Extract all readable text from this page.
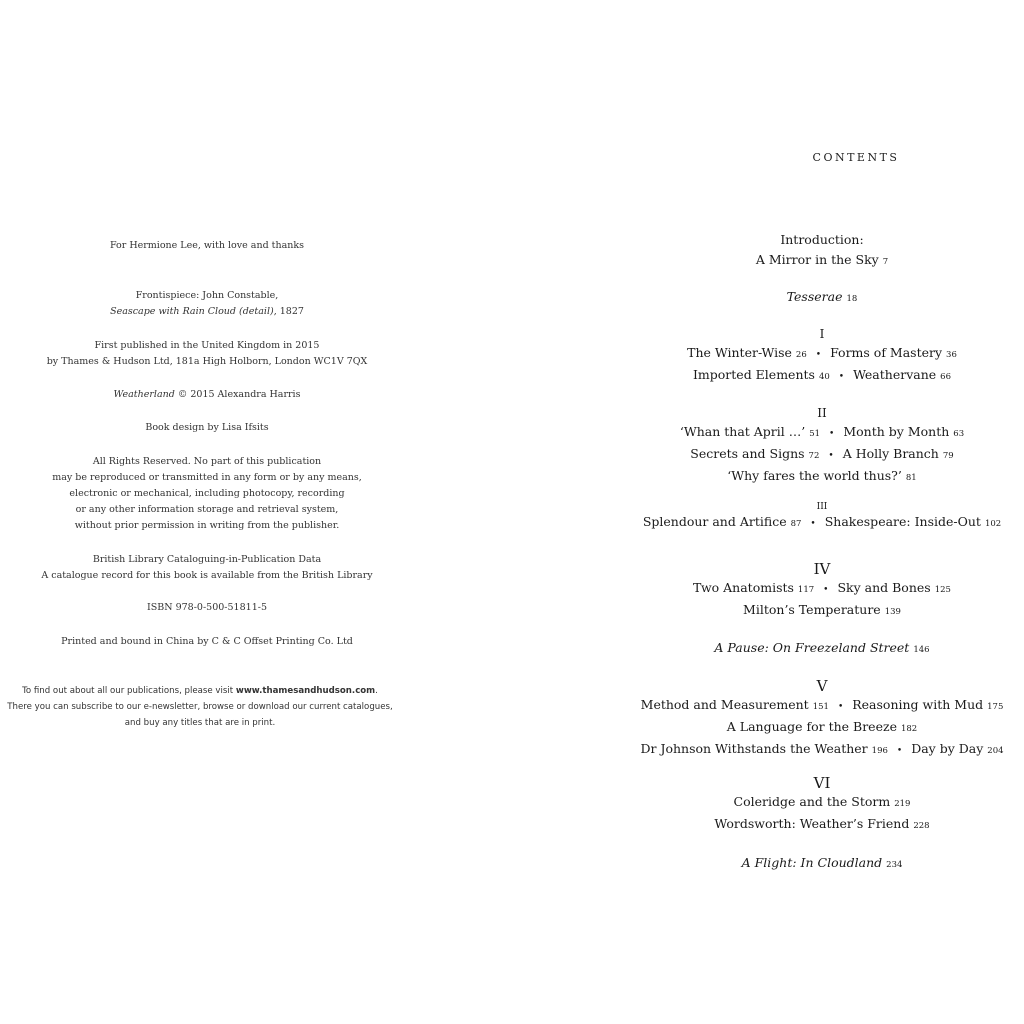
For Hermione Lee, with love and thanks
Frontispiece: John Constable,
Seascape with Rain Cloud (detail), 1827
First published in the United Kingdom in 2015
by Thames & Hudson Ltd, 181a High Holborn, London WC1V 7QX
Weatherland © 2015 Alexandra Harris
Book design by Lisa Ifsits
All Rights Reserved. No part of this publication
may be reproduced or transmitted in any form or by any means,
electronic or mechanical, including photocopy, recording
or any other information storage and retrieval system,
without prior permission in writing from the publisher.
British Library Cataloguing-in-Publication Data
A catalogue record for this book is available from the British Library
ISBN 978-0-500-51811-5
Printed and bound in China by C & C Offset Printing Co. Ltd
To find out about all our publications, please visit www.thamesandhudson.com.
There you can subscribe to our e-newsletter, browse or download our current catalogues,
and buy any titles that are in print.
CONTENTS
Introduction:
A Mirror in the Sky 7
Tesserae 18
I
The Winter-Wise 26 • Forms of Mastery 36
Imported Elements 40 • Weathervane 66
II
‘Whan that April …’ 51 • Month by Month 63
Secrets and Signs 72 • A Holly Branch 79
‘Why fares the world thus?’ 81
III
Splendour and Artifice 87 • Shakespeare: Inside-Out 102
IV
Two Anatomists 117 • Sky and Bones 125
Milton’s Temperature 139
A Pause: On Freezeland Street 146
V
Method and Measurement 151 • Reasoning with Mud 175
A Language for the Breeze 182
Dr Johnson Withstands the Weather 196 • Day by Day 204
VI
Coleridge and the Storm 219
Wordsworth: Weather’s Friend 228
A Flight: In Cloudland 234
